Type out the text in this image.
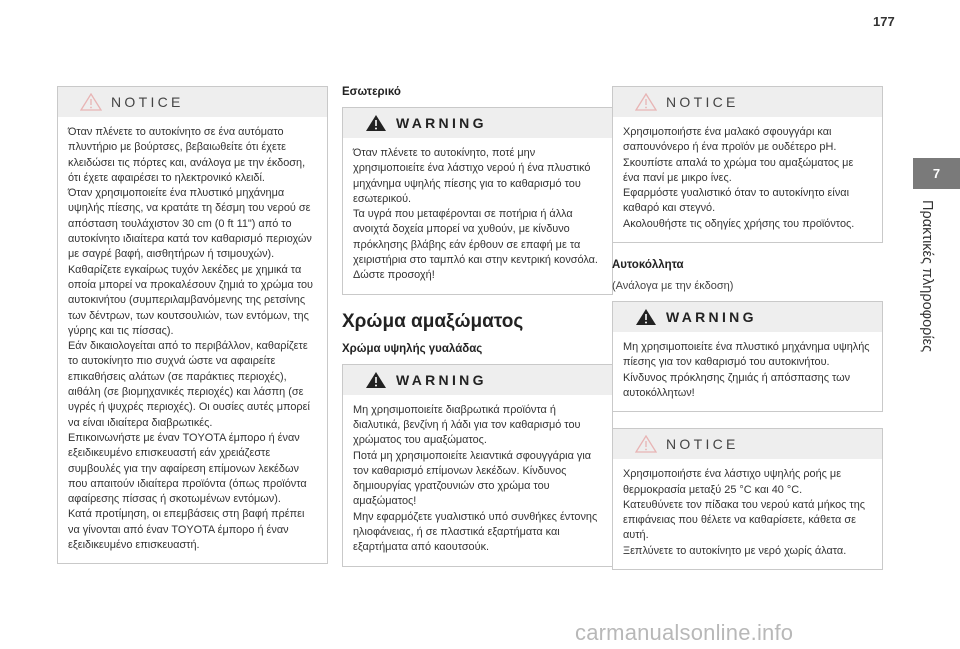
177
7
Πρακτικές πληροφορίες
NOTICE

Όταν πλένετε το αυτοκίνητο σε ένα αυτόματο πλυντήριο με βούρτσες, βεβαιωθείτε ότι έχετε κλειδώσει τις πόρτες και, ανάλογα με την έκδοση, ότι έχετε αφαιρέσει το ηλεκτρονικό κλειδί.

Όταν χρησιμοποιείτε ένα πλυστικό μηχάνημα υψηλής πίεσης, να κρατάτε τη δέσμη του νερού σε απόσταση τουλάχιστον 30 cm (0 ft 11") από το αυτοκίνητο ιδιαίτερα κατά τον καθαρισμό περιοχών με σαγρέ βαφή, αισθητήρων ή τσιμουχών).

Καθαρίζετε εγκαίρως τυχόν λεκέδες με χημικά τα οποία μπορεί να προκαλέσουν ζημιά το χρώμα του αυτοκινήτου (συμπεριλαμβανόμενης της ρετσίνης των δέντρων, των κουτσουλιών, των εντόμων, της γύρης και τις πίσσας).

Εάν δικαιολογείται από το περιβάλλον, καθαρίζετε το αυτοκίνητο πιο συχνά ώστε να αφαιρείτε επικαθήσεις αλάτων (σε παράκτιες περιοχές), αιθάλη (σε βιομηχανικές περιοχές) και λάσπη (σε υγρές ή ψυχρές περιοχές). Οι ουσίες αυτές μπορεί να είναι ιδιαίτερα διαβρωτικές.

Επικοινωνήστε με έναν TOYOTA έμπορο ή έναν εξειδικευμένο επισκευαστή εάν χρειάζεστε συμβουλές για την αφαίρεση επίμονων λεκέδων που απαιτούν ιδιαίτερα προϊόντα (όπως προϊόντα αφαίρεσης πίσσας ή σκοτωμένων εντόμων).

Κατά προτίμηση, οι επεμβάσεις στη βαφή πρέπει να γίνονται από έναν TOYOTA έμπορο ή έναν εξειδικευμένο επισκευαστή.

Εσωτερικό
WARNING

Όταν πλένετε το αυτοκίνητο, ποτέ μην χρησιμοποιείτε ένα λάστιχο νερού ή ένα πλυστικό μηχάνημα υψηλής πίεσης για το καθαρισμό του εσωτερικού.

Τα υγρά που μεταφέρονται σε ποτήρια ή άλλα ανοιχτά δοχεία μπορεί να χυθούν, με κίνδυνο πρόκλησης βλάβης εάν έρθουν σε επαφή με τα χειριστήρια στο ταμπλό και στην κεντρική κονσόλα. Δώστε προσοχή!

Χρώμα αμαξώματος
Χρώμα υψηλής γυαλάδας
WARNING

Μη χρησιμοποιείτε διαβρωτικά προϊόντα ή διαλυτικά, βενζίνη ή λάδι για τον καθαρισμό του χρώματος του αμαξώματος.

Ποτά μη χρησιμοποιείτε λειαντικά σφουγγάρια για τον καθαρισμό επίμονων λεκέδων. Κίνδυνος δημιουργίας γρατζουνιών στο χρώμα του αμαξώματος!

Μην εφαρμόζετε γυαλιστικό υπό συνθήκες έντονης ηλιοφάνειας, ή σε πλαστικά εξαρτήματα και εξαρτήματα από καουτσούκ.

NOTICE

Χρησιμοποιήστε ένα μαλακό σφουγγάρι και σαπουνόνερο ή ένα προϊόν με ουδέτερο pH.

Σκουπίστε απαλά το χρώμα του αμαξώματος με ένα πανί με μικρο ίνες.

Εφαρμόστε γυαλιστικό όταν το αυτοκίνητο είναι καθαρό και στεγνό.

Ακολουθήστε τις οδηγίες χρήσης του προϊόντος.

Αυτοκόλλητα
(Ανάλογα με την έκδοση)
WARNING

Μη χρησιμοποιείτε ένα πλυστικό μηχάνημα υψηλής πίεσης για τον καθαρισμό του αυτοκινήτου. Κίνδυνος πρόκλησης ζημιάς ή απόσπασης των αυτοκόλλητων!

NOTICE

Χρησιμοποιήστε ένα λάστιχο υψηλής ροής με θερμοκρασία μεταξύ 25 °C και 40 °C.

Κατευθύνετε τον πίδακα του νερού κατά μήκος της επιφάνειας που θέλετε να καθαρίσετε, κάθετα σε αυτή.

Ξεπλύνετε το αυτοκίνητο με νερό χωρίς άλατα.

carmanualsonline.info
